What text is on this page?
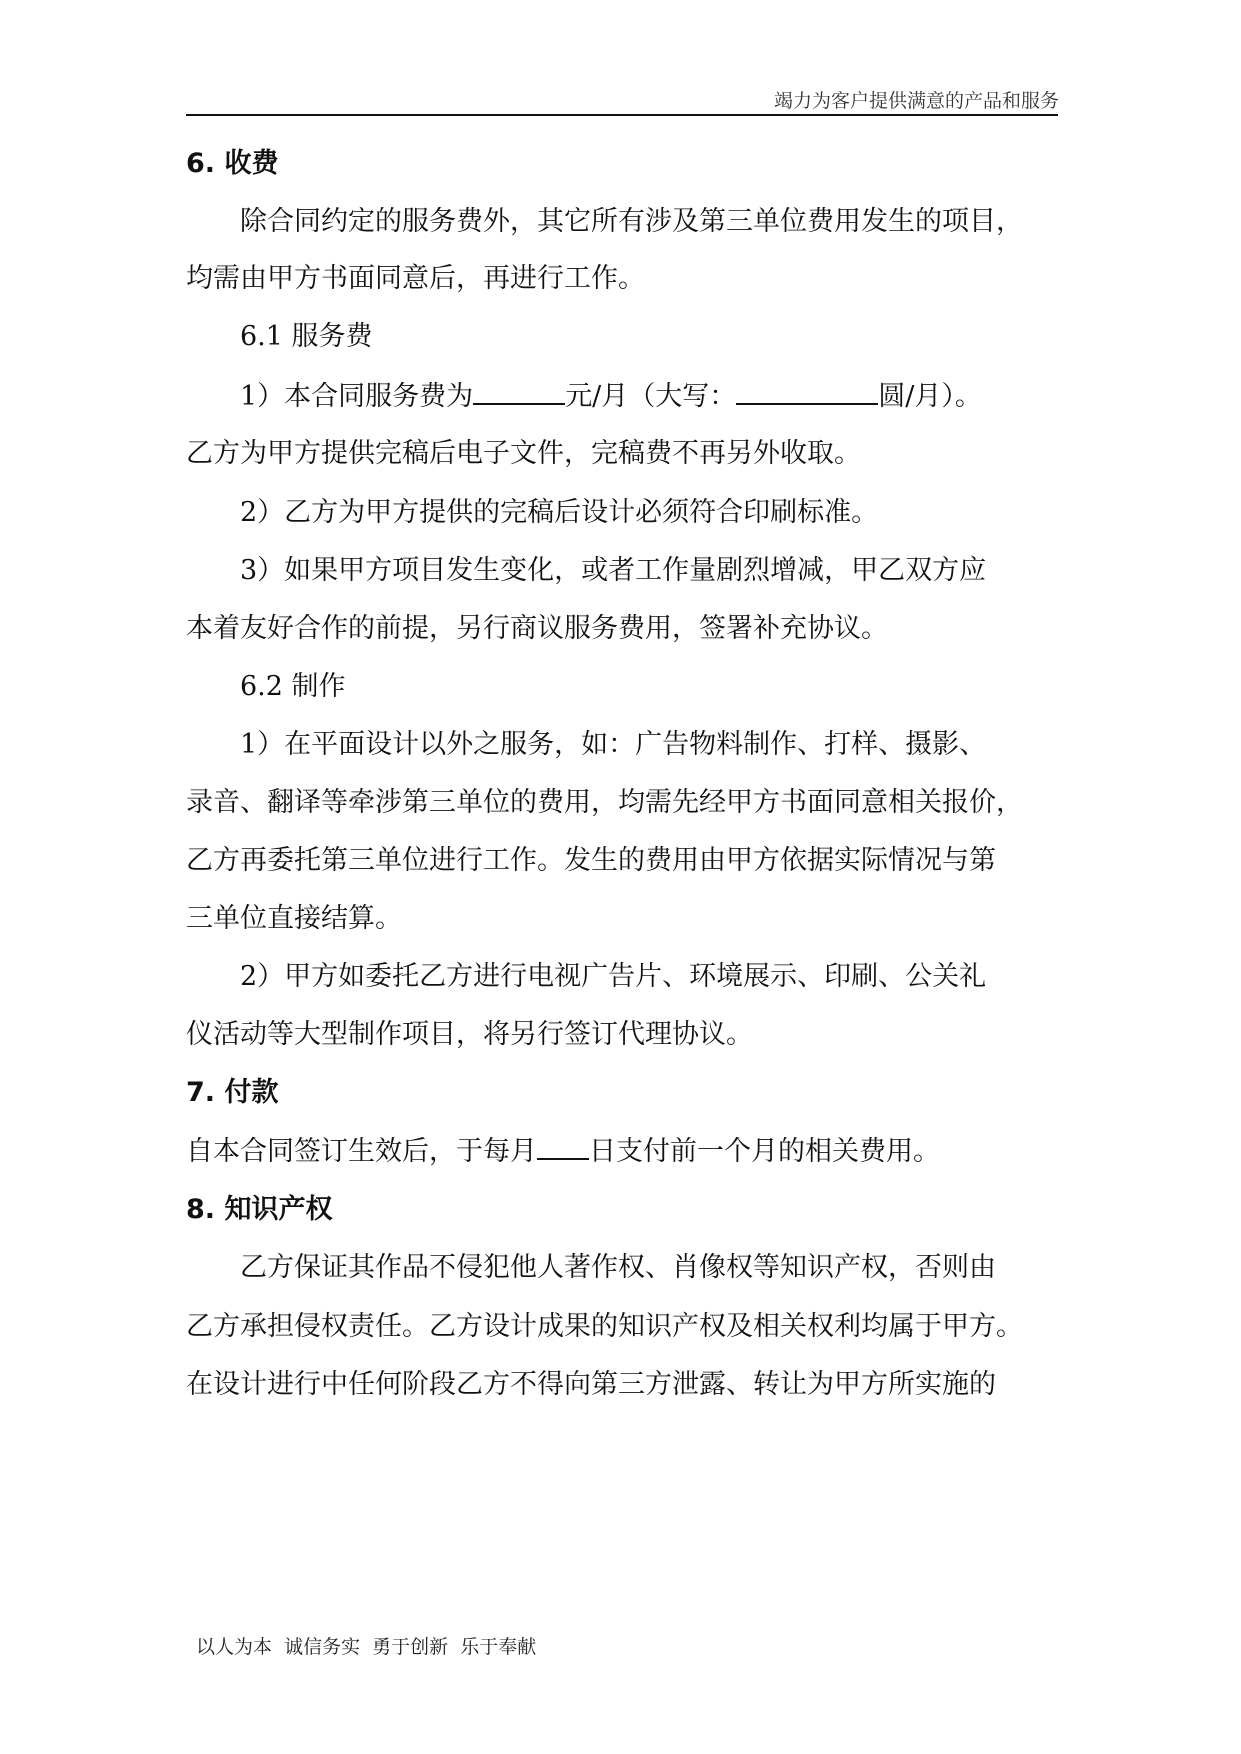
竭力为客户提供满意的产品和服务
6. 收费
除合同约定的服务费外，其它所有涉及第三单位费用发生的项目，
均需由甲方书面同意后，再进行工作。
6.1 服务费
1）本合同服务费为	元/月（大写：	圆/月）。
乙方为甲方提供完稿后电子文件，完稿费不再另外收取。
2）乙方为甲方提供的完稿后设计必须符合印刷标准。
3）如果甲方项目发生变化，或者工作量剧烈增减，甲乙双方应
本着友好合作的前提，另行商议服务费用，签署补充协议。
6.2 制作
1）在平面设计以外之服务，如：广告物料制作、打样、摄影、
录音、翻译等牵涉第三单位的费用，均需先经甲方书面同意相关报价，
乙方再委托第三单位进行工作。发生的费用由甲方依据实际情况与第
三单位直接结算。
2）甲方如委托乙方进行电视广告片、环境展示、印刷、公关礼
仪活动等大型制作项目，将另行签订代理协议。
7. 付款
自本合同签订生效后，于每月 日支付前一个月的相关费用。
8. 知识产权
乙方保证其作品不侵犯他人著作权、肖像权等知识产权，否则由
乙方承担侵权责任。乙方设计成果的知识产权及相关权利均属于甲方。
在设计进行中任何阶段乙方不得向第三方泄露、转让为甲方所实施的
以人为本  诚信务实  勇于创新  乐于奉献
